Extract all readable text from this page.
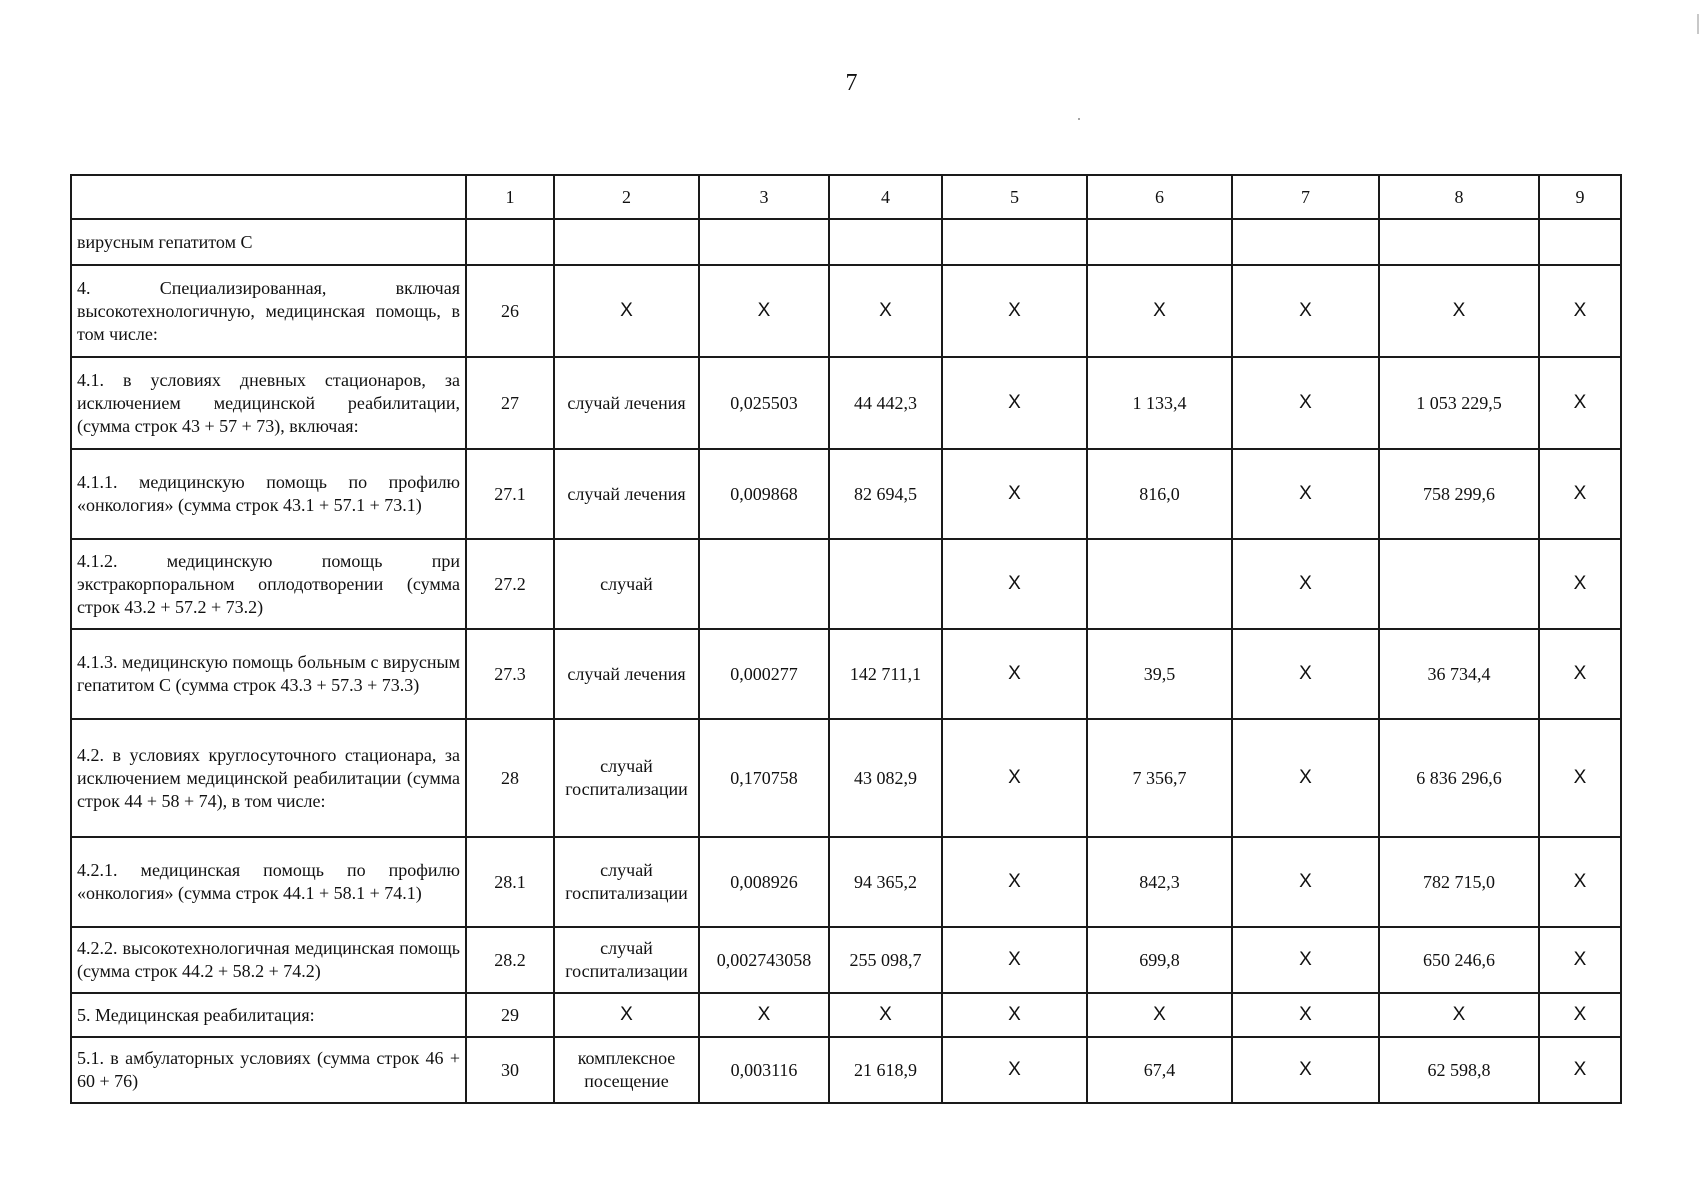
7
	1	2	3	4	5	6	7	8	9
вирусным гепатитом С									
4. Специализированная, включая высокотехнологичную, медицинская помощь, в том числе:	26	Х	Х	Х	Х	Х	Х	Х	Х
4.1. в условиях дневных стационаров, за исключением медицинской реабилитации, (сумма строк 43 + 57 + 73), включая:	27	случай лечения	0,025503	44 442,3	Х	1 133,4	Х	1 053 229,5	Х
4.1.1. медицинскую помощь по профилю «онкология» (сумма строк 43.1 + 57.1 + 73.1)	27.1	случай лечения	0,009868	82 694,5	Х	816,0	Х	758 299,6	Х
4.1.2. медицинскую помощь при экстракорпоральном оплодотворении (сумма строк 43.2 + 57.2 + 73.2)	27.2	случай			Х		Х		Х
4.1.3. медицинскую помощь больным с вирусным гепатитом С (сумма строк 43.3 + 57.3 + 73.3)	27.3	случай лечения	0,000277	142 711,1	Х	39,5	Х	36 734,4	Х
4.2. в условиях круглосуточного стационара, за исключением медицинской реабилитации (сумма строк 44 + 58 + 74), в том числе:	28	случай госпитализации	0,170758	43 082,9	Х	7 356,7	Х	6 836 296,6	Х
4.2.1. медицинская помощь по профилю «онкология» (сумма строк 44.1 + 58.1 + 74.1)	28.1	случай госпитализации	0,008926	94 365,2	Х	842,3	Х	782 715,0	Х
4.2.2. высокотехнологичная медицинская помощь (сумма строк 44.2 + 58.2 + 74.2)	28.2	случай госпитализации	0,002743058	255 098,7	Х	699,8	Х	650 246,6	Х
5. Медицинская реабилитация:	29	Х	Х	Х	Х	Х	Х	Х	Х
5.1. в амбулаторных условиях (сумма строк 46 + 60 + 76)	30	комплексное посещение	0,003116	21 618,9	Х	67,4	Х	62 598,8	Х
